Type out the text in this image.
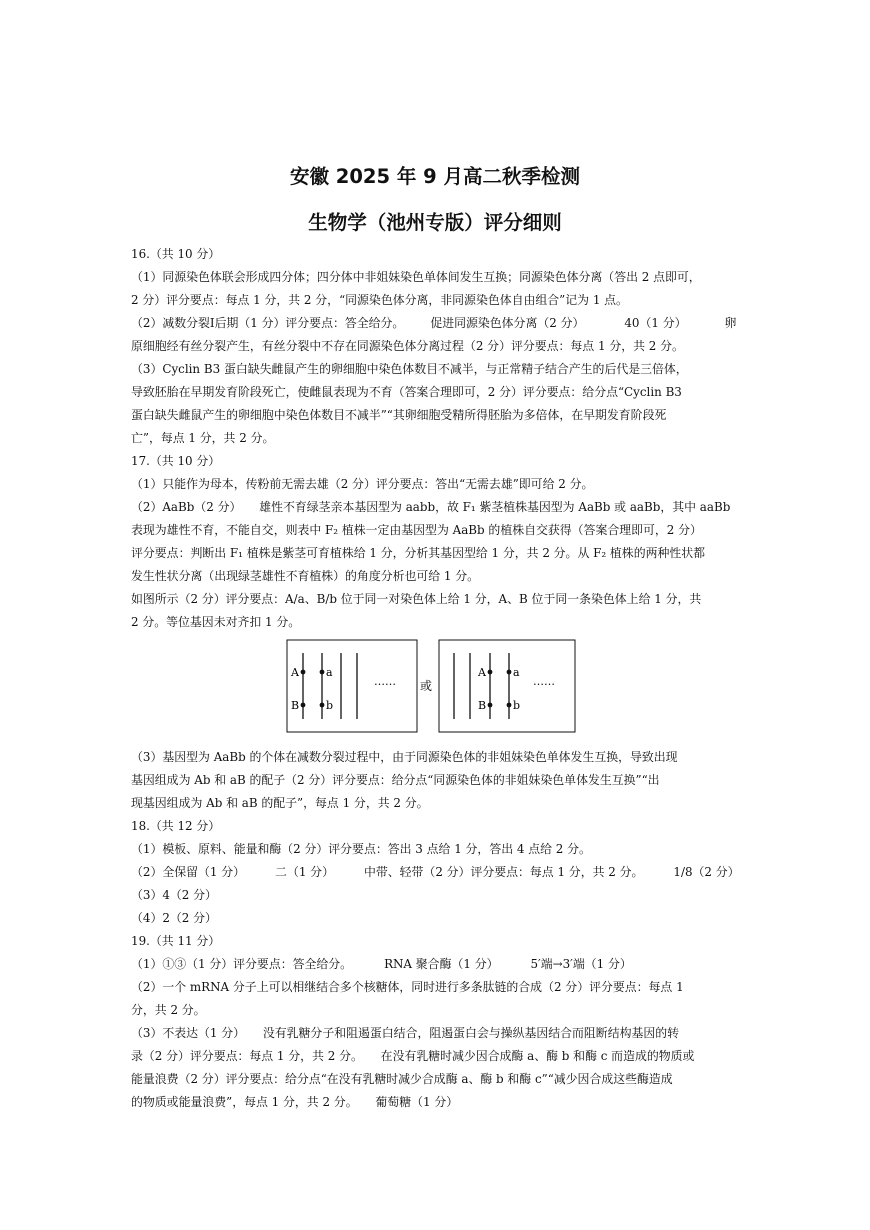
安徽 2025 年 9 月高二秋季检测
生物学（池州专版）评分细则
16.（共 10 分）
（1）同源染色体联会形成四分体；四分体中非姐妹染色单体间发生互换；同源染色体分离（答出 2 点即可，
2 分）评分要点：每点 1 分，共 2 分，“同源染色体分离，非同源染色体自由组合”记为 1 点。
（2）减数分裂Ⅰ后期（1 分）评分要点：答全给分。 促进同源染色体分离（2 分）	40（1 分）	卵
原细胞经有丝分裂产生，有丝分裂中不存在同源染色体分离过程（2 分）评分要点：每点 1 分，共 2 分。
（3）Cyclin B3 蛋白缺失雌鼠产生的卵细胞中染色体数目不减半，与正常精子结合产生的后代是三倍体，
导致胚胎在早期发育阶段死亡，使雌鼠表现为不育（答案合理即可，2 分）评分要点：给分点“Cyclin B3
蛋白缺失雌鼠产生的卵细胞中染色体数目不减半”“其卵细胞受精所得胚胎为多倍体，在早期发育阶段死
亡”，每点 1 分，共 2 分。
17.（共 10 分）
（1）只能作为母本，传粉前无需去雄（2 分）评分要点：答出“无需去雄”即可给 2 分。
（2）AaBb（2 分）　　雄性不育绿茎亲本基因型为 aabb，故 F₁ 紫茎植株基因型为 AaBb 或 aaBb，其中 aaBb
表现为雄性不育，不能自交，则表中 F₂ 植株一定由基因型为 AaBb 的植株自交获得（答案合理即可，2 分）
评分要点：判断出 F₁ 植株是紫茎可育植株给 1 分，分析其基因型给 1 分，共 2 分。从 F₂ 植株的两种性状都
发生性状分离（出现绿茎雄性不育植株）的角度分析也可给 1 分。
如图所示（2 分）评分要点：A/a、B/b 位于同一对染色体上给 1 分，A、B 位于同一条染色体上给 1 分，共
2 分。等位基因未对齐扣 1 分。
A
B
a
b
…… 或
A
B
a
b
……
（3）基因型为 AaBb 的个体在减数分裂过程中，由于同源染色体的非姐妹染色单体发生互换，导致出现
基因组成为 Ab 和 aB 的配子（2 分）评分要点：给分点“同源染色体的非姐妹染色单体发生互换”“出
现基因组成为 Ab 和 aB 的配子”，每点 1 分，共 2 分。
18.（共 12 分）
（1）模板、原料、能量和酶（2 分）评分要点：答出 3 点给 1 分，答出 4 点给 2 分。
（2）全保留（1 分）	二（1 分）	中带、轻带（2 分）评分要点：每点 1 分，共 2 分。	1/8（2 分）
（3）4（2 分）
（4）2（2 分）
19.（共 11 分）
（1）①③（1 分）评分要点：答全给分。	RNA 聚合酶（1 分）	5′端→3′端（1 分）
（2）一个 mRNA 分子上可以相继结合多个核糖体，同时进行多条肽链的合成（2 分）评分要点：每点 1
分，共 2 分。
（3）不表达（1 分）　　没有乳糖分子和阻遏蛋白结合，阻遏蛋白会与操纵基因结合而阻断结构基因的转
录（2 分）评分要点：每点 1 分，共 2 分。　　在没有乳糖时减少因合成酶 a、酶 b 和酶 c 而造成的物质或
能量浪费（2 分）评分要点：给分点“在没有乳糖时减少合成酶 a、酶 b 和酶 c”“减少因合成这些酶造成
的物质或能量浪费”，每点 1 分，共 2 分。　　葡萄糖（1 分）
